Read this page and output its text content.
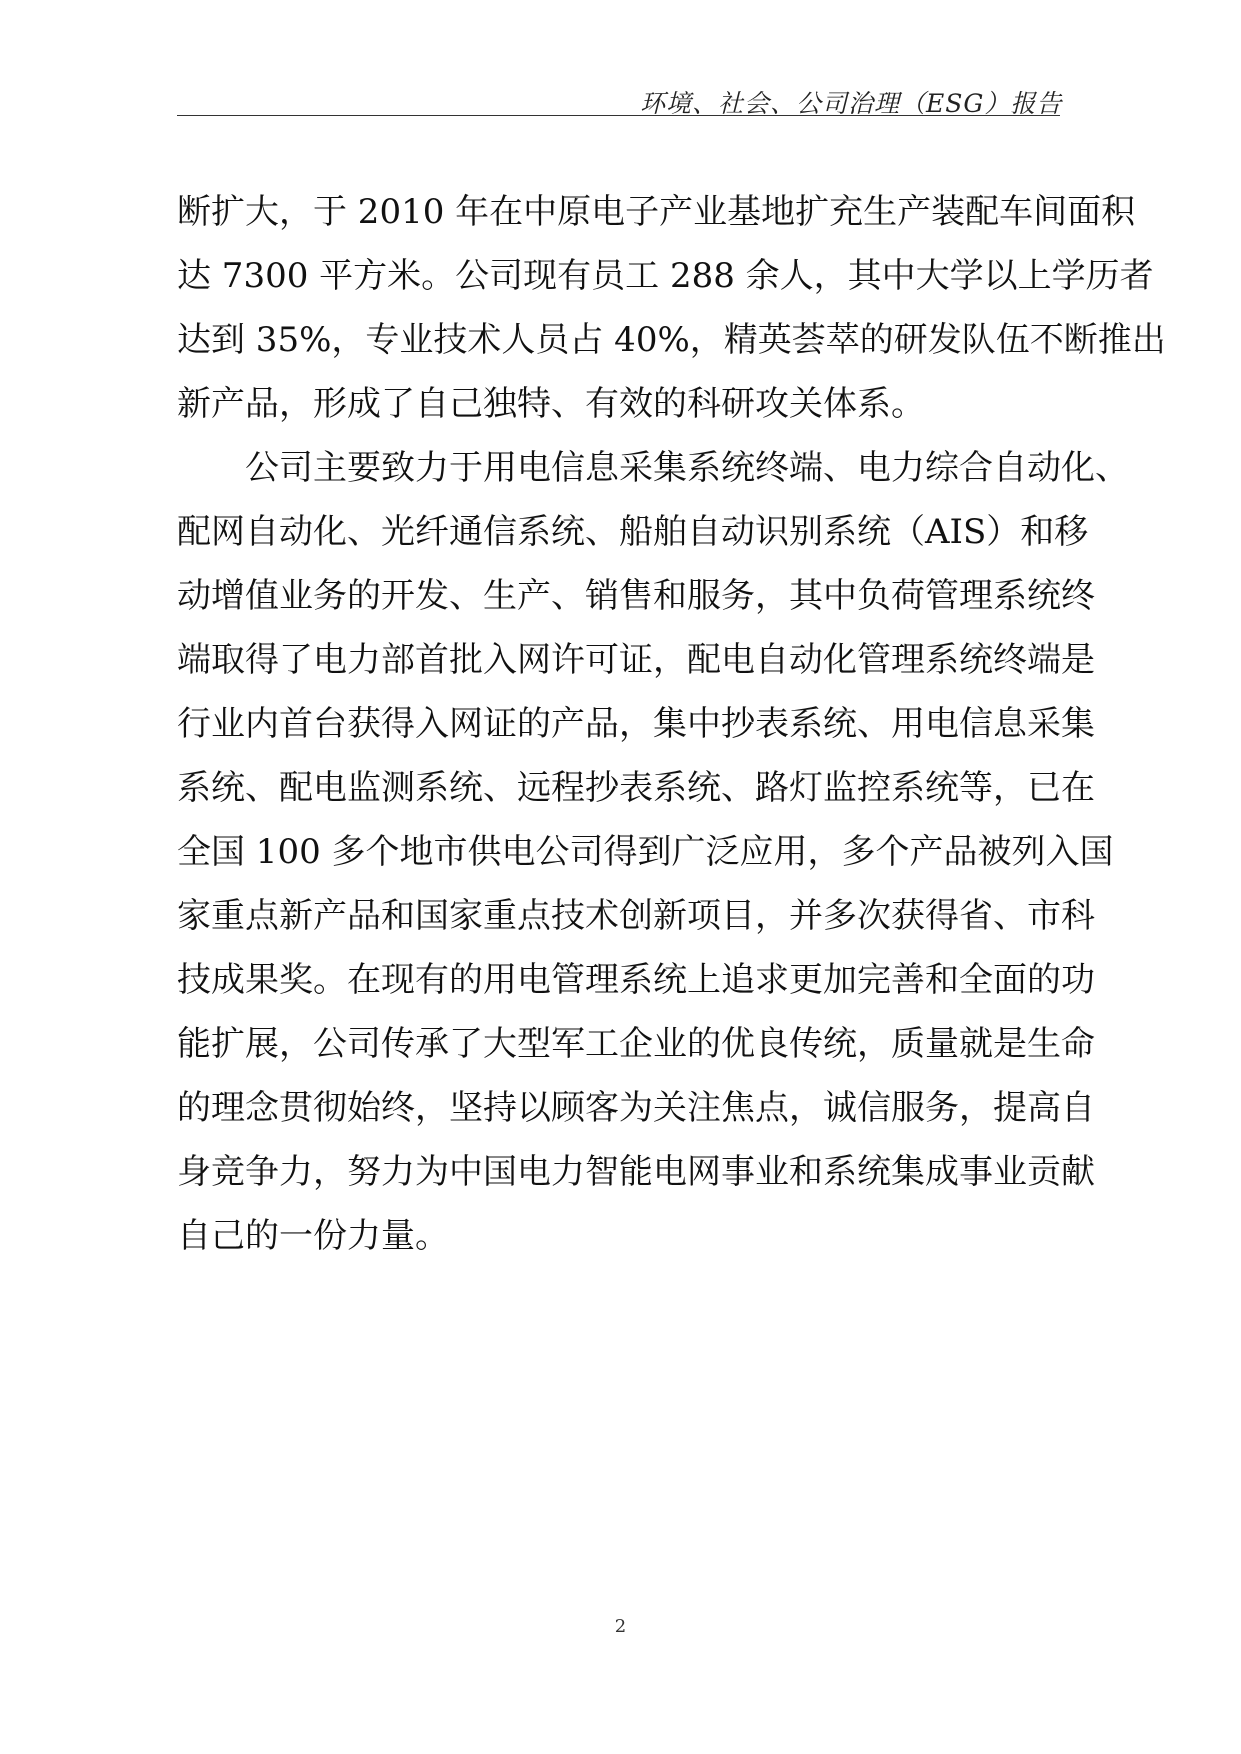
环境、社会、公司治理（ESG）报告
断扩大，于 2010 年在中原电子产业基地扩充生产装配车间面积
达 7300 平方米。公司现有员工 288 余人，其中大学以上学历者
达到 35%，专业技术人员占 40%，精英荟萃的研发队伍不断推出
新产品，形成了自己独特、有效的科研攻关体系。
　　公司主要致力于用电信息采集系统终端、电力综合自动化、
配网自动化、光纤通信系统、船舶自动识别系统（AIS）和移
动增值业务的开发、生产、销售和服务，其中负荷管理系统终
端取得了电力部首批入网许可证，配电自动化管理系统终端是
行业内首台获得入网证的产品，集中抄表系统、用电信息采集
系统、配电监测系统、远程抄表系统、路灯监控系统等，已在
全国 100 多个地市供电公司得到广泛应用，多个产品被列入国
家重点新产品和国家重点技术创新项目，并多次获得省、市科
技成果奖。在现有的用电管理系统上追求更加完善和全面的功
能扩展，公司传承了大型军工企业的优良传统，质量就是生命
的理念贯彻始终，坚持以顾客为关注焦点，诚信服务，提高自
身竞争力，努力为中国电力智能电网事业和系统集成事业贡献
自己的一份力量。
2
